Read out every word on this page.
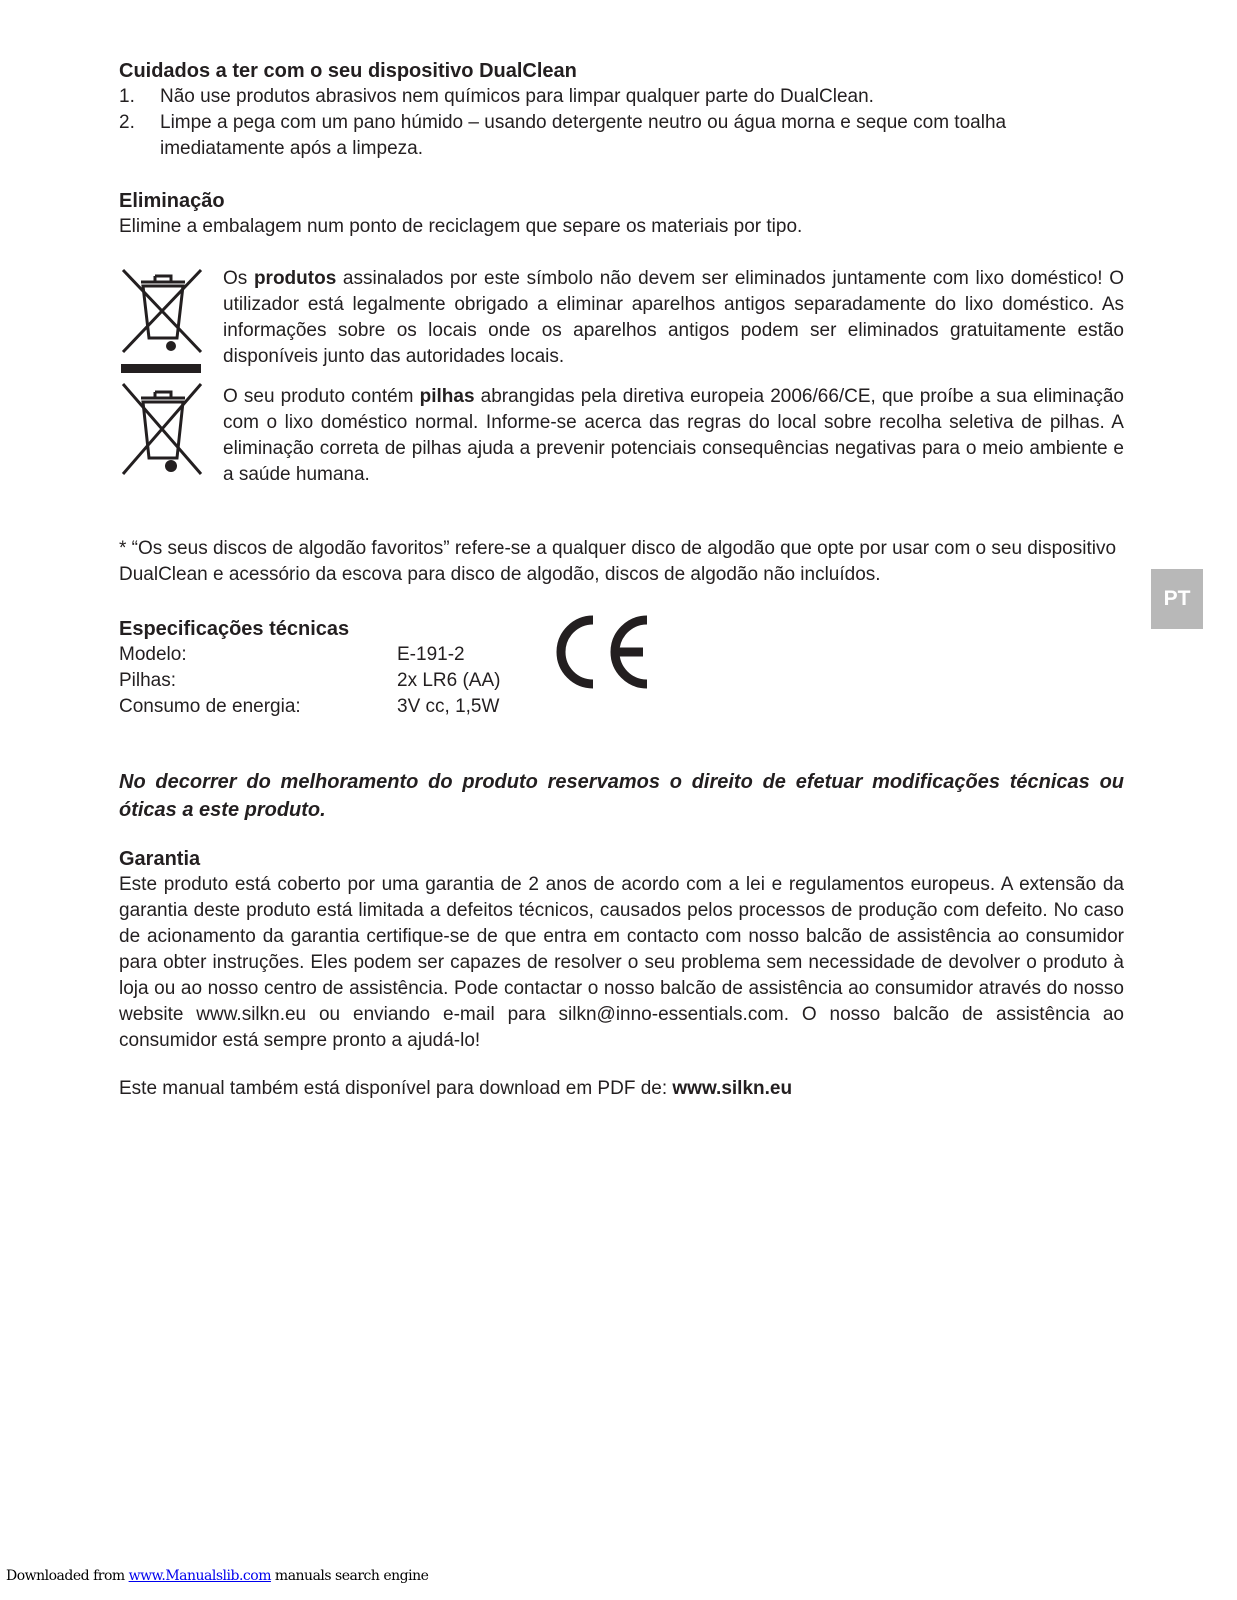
Cuidados a ter com o seu dispositivo DualClean
1. Não use produtos abrasivos nem químicos para limpar qualquer parte do DualClean.
2. Limpe a pega com um pano húmido – usando detergente neutro ou água morna e seque com toalha imediatamente após a limpeza.
Eliminação

Elimine a embalagem num ponto de reciclagem que separe os materiais por tipo.

Os produtos assinalados por este símbolo não devem ser eliminados juntamente com lixo doméstico! O utilizador está legalmente obrigado a eliminar aparelhos antigos separadamente do lixo doméstico. As informações sobre os locais onde os aparelhos antigos podem ser eliminados gratuitamente estão disponíveis junto das autoridades locais.

O seu produto contém pilhas abrangidas pela diretiva europeia 2006/66/CE, que proíbe a sua eliminação com o lixo doméstico normal. Informe-se acerca das regras do local sobre recolha seletiva de pilhas. A eliminação correta de pilhas ajuda a prevenir potenciais consequências negativas para o meio ambiente e a saúde humana.

* “Os seus discos de algodão favoritos” refere-se a qualquer disco de algodão que opte por usar com o seu dispositivo DualClean e acessório da escova para disco de algodão, discos de algodão não incluídos.

Especificações técnicas
Modelo:	E-191-2
Pilhas:	2x LR6 (AA)
Consumo de energia:	3V cc, 1,5W

No decorrer do melhoramento do produto reservamos o direito de efetuar modificações técnicas ou óticas a este produto.

Garantia

Este produto está coberto por uma garantia de 2 anos de acordo com a lei e regulamentos europeus. A extensão da garantia deste produto está limitada a defeitos técnicos, causados pelos processos de produção com defeito. No caso de acionamento da garantia certifique-se de que entra em contacto com nosso balcão de assistência ao consumidor para obter instruções. Eles podem ser capazes de resolver o seu problema sem necessidade de devolver o produto à loja ou ao nosso centro de assistência. Pode contactar o nosso balcão de assistência ao consumidor através do nosso website www.silkn.eu ou enviando e-mail para silkn@inno-essentials.com. O nosso balcão de assistência ao consumidor está sempre pronto a ajudá-lo!

Este manual também está disponível para download em PDF de: www.silkn.eu

PT
Downloaded from www.Manualslib.com manuals search engine
